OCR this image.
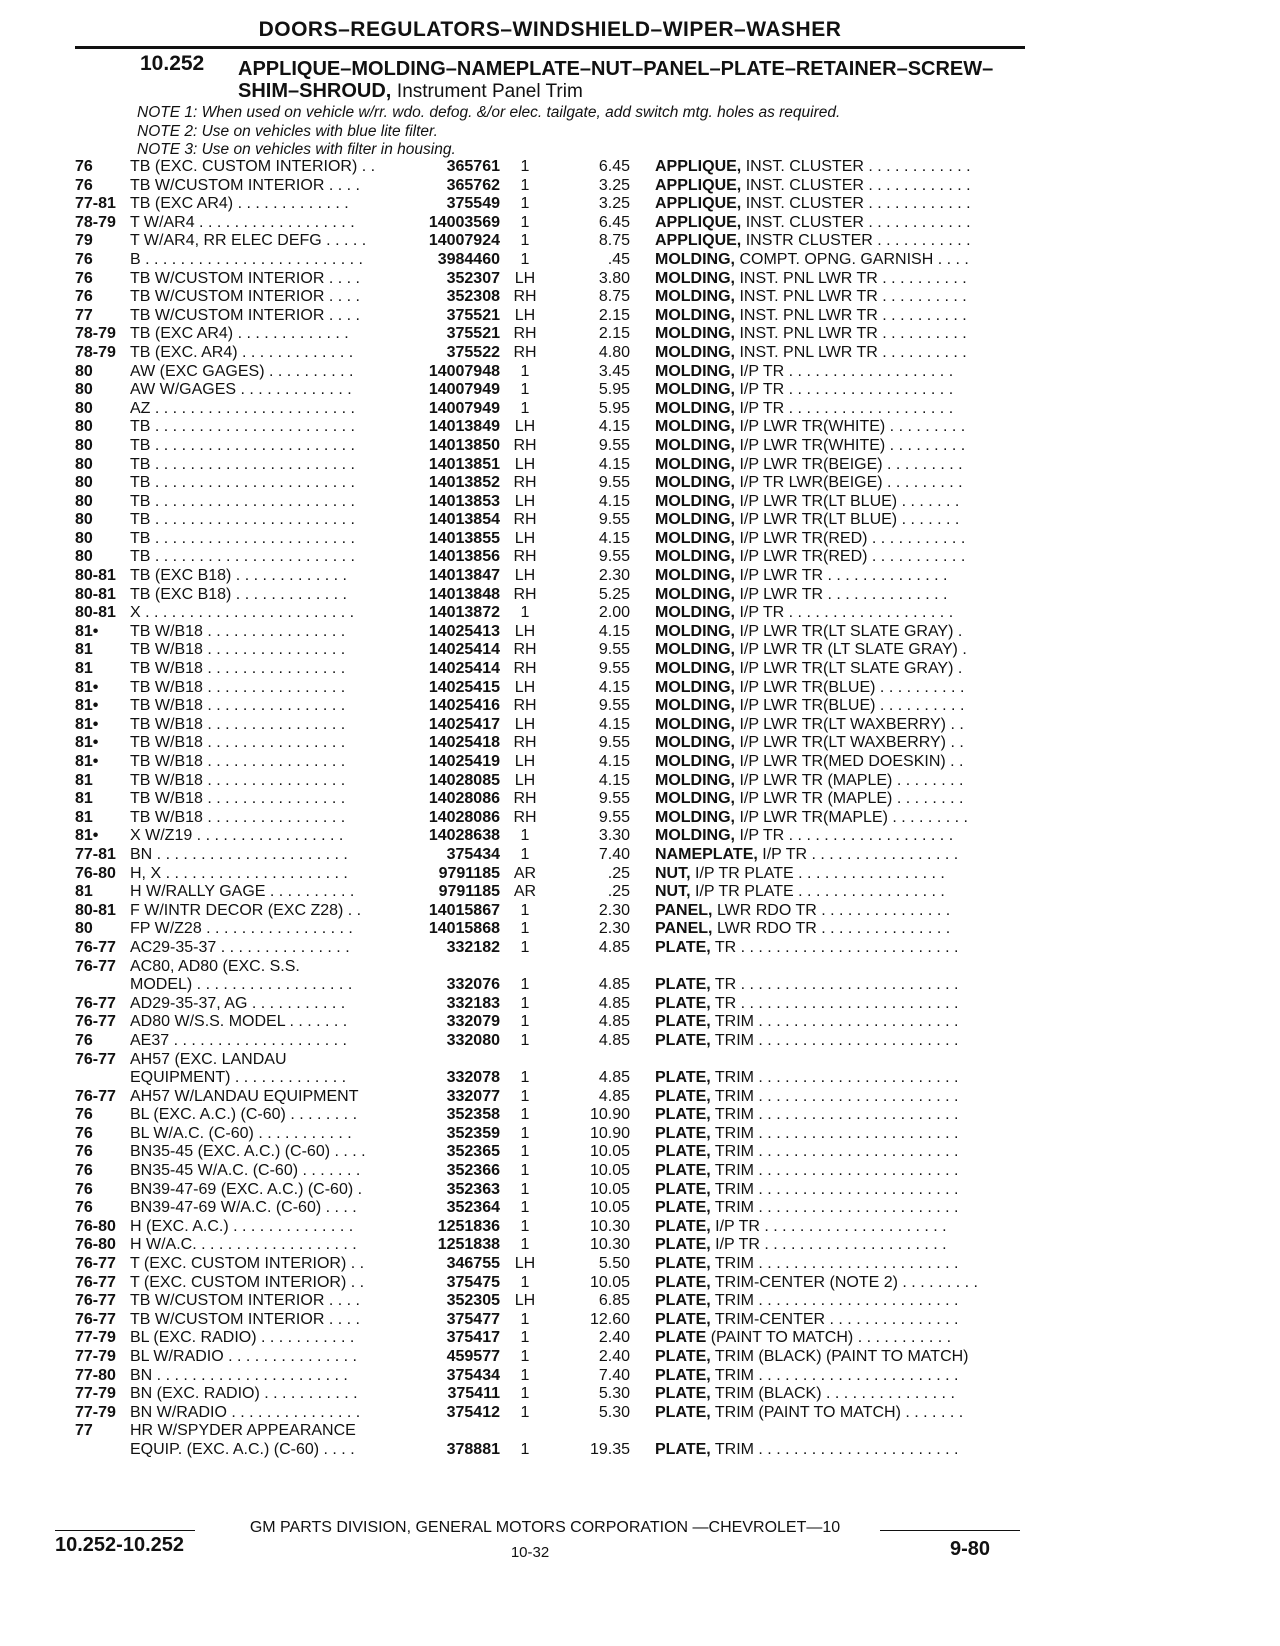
DOORS–REGULATORS–WINDSHIELD–WIPER–WASHER
10.252 APPLIQUE–MOLDING–NAMEPLATE–NUT–PANEL–PLATE–RETAINER–SCREW–SHIM–SHROUD, Instrument Panel Trim
NOTE 1: When used on vehicle w/rr. wdo. defog. &/or elec. tailgate, add switch mtg. holes as required.
NOTE 2: Use on vehicles with blue lite filter.
NOTE 3: Use on vehicles with filter in housing.
76 TB (EXC. CUSTOM INTERIOR) . .	365761	1	6.45 APPLIQUE, INST. CLUSTER . . . . . . . . . . . .
76 TB W/CUSTOM INTERIOR . . . .	365762	1	3.25 APPLIQUE, INST. CLUSTER . . . . . . . . . . . .
77-81 TB (EXC AR4) . . . . . . . . . . . . .	375549	1	3.25 APPLIQUE, INST. CLUSTER . . . . . . . . . . . .
78-79 T W/AR4 . . . . . . . . . . . . . . . . . .	14003569	1	6.45 APPLIQUE, INST. CLUSTER . . . . . . . . . . . .
79 T W/AR4, RR ELEC DEFG . . . . .	14007924	1	8.75 APPLIQUE, INSTR CLUSTER . . . . . . . . . . .
76 B . . . . . . . . . . . . . . . . . . . . . . . . .	3984460	1	.45 MOLDING, COMPT. OPNG. GARNISH . . . .
76 TB W/CUSTOM INTERIOR . . . .	352307 LH	3.80 MOLDING, INST. PNL LWR TR . . . . . . . . . .
76 TB W/CUSTOM INTERIOR . . . .	352308 RH	8.75 MOLDING, INST. PNL LWR TR . . . . . . . . . .
77 TB W/CUSTOM INTERIOR . . . .	375521 LH	2.15 MOLDING, INST. PNL LWR TR . . . . . . . . . .
78-79 TB (EXC AR4) . . . . . . . . . . . . .	375521 RH	2.15 MOLDING, INST. PNL LWR TR . . . . . . . . . .
78-79 TB (EXC. AR4) . . . . . . . . . . . . .	375522 RH	4.80 MOLDING, INST. PNL LWR TR . . . . . . . . . .
80 AW (EXC GAGES) . . . . . . . . . .	14007948	1	3.45 MOLDING, I/P TR . . . . . . . . . . . . . . . . . . .
80 AW W/GAGES . . . . . . . . . . . . .	14007949	1	5.95 MOLDING, I/P TR . . . . . . . . . . . . . . . . . . .
80 AZ . . . . . . . . . . . . . . . . . . . . . . .	14007949	1	5.95 MOLDING, I/P TR . . . . . . . . . . . . . . . . . . .
80 TB . . . . . . . . . . . . . . . . . . . . . . .	14013849 LH	4.15 MOLDING, I/P LWR TR(WHITE) . . . . . . . . .
80 TB . . . . . . . . . . . . . . . . . . . . . . .	14013850 RH	9.55 MOLDING, I/P LWR TR(WHITE) . . . . . . . . .
80 TB . . . . . . . . . . . . . . . . . . . . . . .	14013851 LH	4.15 MOLDING, I/P LWR TR(BEIGE) . . . . . . . . .
80 TB . . . . . . . . . . . . . . . . . . . . . . .	14013852 RH	9.55 MOLDING, I/P TR LWR(BEIGE) . . . . . . . . .
80 TB . . . . . . . . . . . . . . . . . . . . . . .	14013853 LH	4.15 MOLDING, I/P LWR TR(LT BLUE) . . . . . . .
80 TB . . . . . . . . . . . . . . . . . . . . . . .	14013854 RH	9.55 MOLDING, I/P LWR TR(LT BLUE) . . . . . . .
80 TB . . . . . . . . . . . . . . . . . . . . . . .	14013855 LH	4.15 MOLDING, I/P LWR TR(RED) . . . . . . . . . . .
80 TB . . . . . . . . . . . . . . . . . . . . . . .	14013856 RH	9.55 MOLDING, I/P LWR TR(RED) . . . . . . . . . . .
80-81 TB (EXC B18) . . . . . . . . . . . . .	14013847 LH	2.30 MOLDING, I/P LWR TR . . . . . . . . . . . . . .
80-81 TB (EXC B18) . . . . . . . . . . . . .	14013848 RH	5.25 MOLDING, I/P LWR TR . . . . . . . . . . . . . .
80-81 X . . . . . . . . . . . . . . . . . . . . . . . .	14013872	1	2.00 MOLDING, I/P TR . . . . . . . . . . . . . . . . . . .
81• TB W/B18 . . . . . . . . . . . . . . . .	14025413 LH	4.15 MOLDING, I/P LWR TR(LT SLATE GRAY) .
81 TB W/B18 . . . . . . . . . . . . . . . .	14025414 RH	9.55 MOLDING, I/P LWR TR (LT SLATE GRAY) .
81 TB W/B18 . . . . . . . . . . . . . . . .	14025414 RH	9.55 MOLDING, I/P LWR TR(LT SLATE GRAY) .
81• TB W/B18 . . . . . . . . . . . . . . . .	14025415 LH	4.15 MOLDING, I/P LWR TR(BLUE) . . . . . . . . . .
81• TB W/B18 . . . . . . . . . . . . . . . .	14025416 RH	9.55 MOLDING, I/P LWR TR(BLUE) . . . . . . . . . .
81• TB W/B18 . . . . . . . . . . . . . . . .	14025417 LH	4.15 MOLDING, I/P LWR TR(LT WAXBERRY) . .
81• TB W/B18 . . . . . . . . . . . . . . . .	14025418 RH	9.55 MOLDING, I/P LWR TR(LT WAXBERRY) . .
81• TB W/B18 . . . . . . . . . . . . . . . .	14025419 LH	4.15 MOLDING, I/P LWR TR(MED DOESKIN) . .
81 TB W/B18 . . . . . . . . . . . . . . . .	14028085 LH	4.15 MOLDING, I/P LWR TR (MAPLE) . . . . . . . .
81 TB W/B18 . . . . . . . . . . . . . . . .	14028086 RH	9.55 MOLDING, I/P LWR TR (MAPLE) . . . . . . . .
81 TB W/B18 . . . . . . . . . . . . . . . .	14028086 RH	9.55 MOLDING, I/P LWR TR(MAPLE) . . . . . . . . .
81• X W/Z19 . . . . . . . . . . . . . . . . .	14028638	1	3.30 MOLDING, I/P TR . . . . . . . . . . . . . . . . . . .
77-81 BN . . . . . . . . . . . . . . . . . . . . . .	375434	1	7.40 NAMEPLATE, I/P TR . . . . . . . . . . . . . . . . .
76-80 H, X . . . . . . . . . . . . . . . . . . . . .	9791185 AR	.25 NUT, I/P TR PLATE . . . . . . . . . . . . . . . . .
81 H W/RALLY GAGE . . . . . . . . . .	9791185 AR	.25 NUT, I/P TR PLATE . . . . . . . . . . . . . . . . .
80-81 F W/INTR DECOR (EXC Z28) . .	14015867	1	2.30 PANEL, LWR RDO TR . . . . . . . . . . . . . . .
80 FP W/Z28 . . . . . . . . . . . . . . . . .	14015868	1	2.30 PANEL, LWR RDO TR . . . . . . . . . . . . . . .
76-77 AC29-35-37 . . . . . . . . . . . . . . .	332182	1	4.85 PLATE, TR . . . . . . . . . . . . . . . . . . . . . . . . .
76-77 AC80, AD80 (EXC. S.S.
MODEL) . . . . . . . . . . . . . . . . . .	332076	1	4.85 PLATE, TR . . . . . . . . . . . . . . . . . . . . . . . . .
76-77 AD29-35-37, AG . . . . . . . . . . .	332183	1	4.85 PLATE, TR . . . . . . . . . . . . . . . . . . . . . . . . .
76-77 AD80 W/S.S. MODEL . . . . . . .	332079	1	4.85 PLATE, TRIM . . . . . . . . . . . . . . . . . . . . . . .
76 AE37 . . . . . . . . . . . . . . . . . . . .	332080	1	4.85 PLATE, TRIM . . . . . . . . . . . . . . . . . . . . . . .
76-77 AH57 (EXC. LANDAU
EQUIPMENT) . . . . . . . . . . . . .	332078	1	4.85 PLATE, TRIM . . . . . . . . . . . . . . . . . . . . . . .
76-77 AH57 W/LANDAU EQUIPMENT	332077	1	4.85 PLATE, TRIM . . . . . . . . . . . . . . . . . . . . . . .
76 BL (EXC. A.C.) (C-60) . . . . . . . .	352358	1	10.90 PLATE, TRIM . . . . . . . . . . . . . . . . . . . . . . .
76 BL W/A.C. (C-60) . . . . . . . . . . .	352359	1	10.90 PLATE, TRIM . . . . . . . . . . . . . . . . . . . . . . .
76 BN35-45 (EXC. A.C.) (C-60) . . . .	352365	1	10.05 PLATE, TRIM . . . . . . . . . . . . . . . . . . . . . . .
76 BN35-45 W/A.C. (C-60) . . . . . . .	352366	1	10.05 PLATE, TRIM . . . . . . . . . . . . . . . . . . . . . . .
76 BN39-47-69 (EXC. A.C.) (C-60) .	352363	1	10.05 PLATE, TRIM . . . . . . . . . . . . . . . . . . . . . . .
76 BN39-47-69 W/A.C. (C-60) . . . .	352364	1	10.05 PLATE, TRIM . . . . . . . . . . . . . . . . . . . . . . .
76-80 H (EXC. A.C.) . . . . . . . . . . . . . .	1251836	1	10.30 PLATE, I/P TR . . . . . . . . . . . . . . . . . . . . .
76-80 H W/A.C. . . . . . . . . . . . . . . . . . .	1251838	1	10.30 PLATE, I/P TR . . . . . . . . . . . . . . . . . . . . .
76-77 T (EXC. CUSTOM INTERIOR) . .	346755 LH	5.50 PLATE, TRIM . . . . . . . . . . . . . . . . . . . . . . .
76-77 T (EXC. CUSTOM INTERIOR) . .	375475	1	10.05 PLATE, TRIM-CENTER (NOTE 2) . . . . . . . . .
76-77 TB W/CUSTOM INTERIOR . . . .	352305 LH	6.85 PLATE, TRIM . . . . . . . . . . . . . . . . . . . . . . .
76-77 TB W/CUSTOM INTERIOR . . . .	375477	1	12.60 PLATE, TRIM-CENTER . . . . . . . . . . . . . . .
77-79 BL (EXC. RADIO) . . . . . . . . . . .	375417	1	2.40 PLATE (PAINT TO MATCH) . . . . . . . . . . .
77-79 BL W/RADIO . . . . . . . . . . . . . . .	459577	1	2.40 PLATE, TRIM (BLACK) (PAINT TO MATCH)
77-80 BN . . . . . . . . . . . . . . . . . . . . . .	375434	1	7.40 PLATE, TRIM . . . . . . . . . . . . . . . . . . . . . . .
77-79 BN (EXC. RADIO) . . . . . . . . . . .	375411	1	5.30 PLATE, TRIM (BLACK) . . . . . . . . . . . . . . .
77-79 BN W/RADIO . . . . . . . . . . . . . . .	375412	1	5.30 PLATE, TRIM (PAINT TO MATCH) . . . . . . .
77 HR W/SPYDER APPEARANCE
EQUIP. (EXC. A.C.) (C-60) . . . .	378881	1	19.35 PLATE, TRIM . . . . . . . . . . . . . . . . . . . . . . .
GM PARTS DIVISION, GENERAL MOTORS CORPORATION —CHEVROLET—10
10.252-10.252	10-32	9-80
